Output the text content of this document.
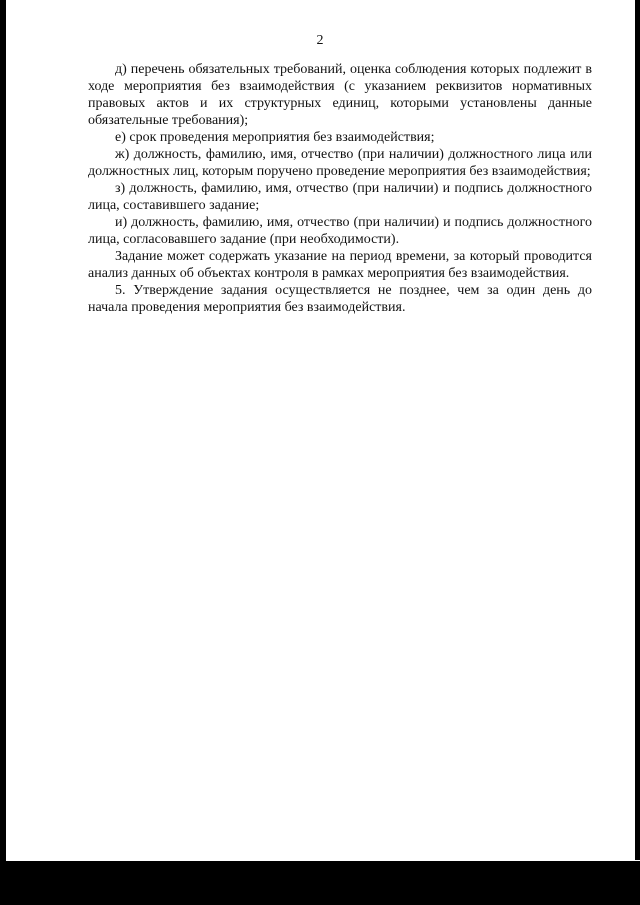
2

д) перечень обязательных требований, оценка соблюдения которых подлежит в ходе мероприятия без взаимодействия (с указанием реквизитов нормативных правовых актов и их структурных единиц, которыми установлены данные обязательные требования);

е) срок проведения мероприятия без взаимодействия;

ж) должность, фамилию, имя, отчество (при наличии) должностного лица или должностных лиц, которым поручено проведение мероприятия без взаимодействия;

з) должность, фамилию, имя, отчество (при наличии) и подпись должностного лица, составившего задание;

и) должность, фамилию, имя, отчество (при наличии) и подпись должностного лица, согласовавшего задание (при необходимости).

Задание может содержать указание на период времени, за который проводится анализ данных об объектах контроля в рамках мероприятия без взаимодействия.

5. Утверждение задания осуществляется не позднее, чем за один день до начала проведения мероприятия без взаимодействия.
